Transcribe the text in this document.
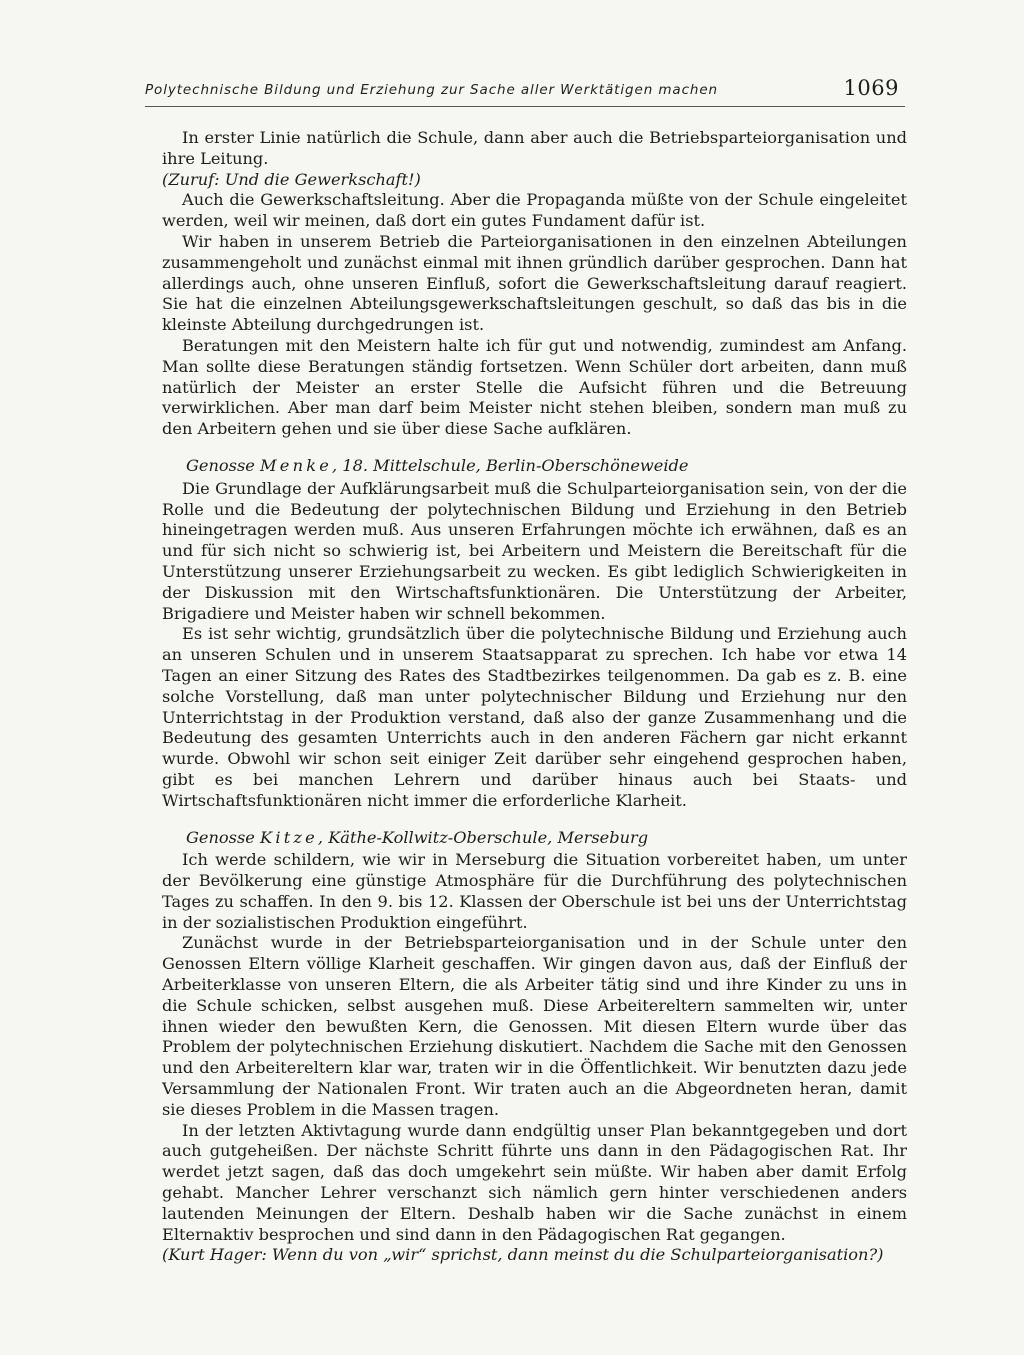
Polytechnische Bildung und Erziehung zur Sache aller Werktätigen machen	1069

In erster Linie natürlich die Schule, dann aber auch die Betriebsparteiorganisation und ihre Leitung.

(Zuruf: Und die Gewerkschaft!)

Auch die Gewerkschaftsleitung. Aber die Propaganda müßte von der Schule eingeleitet werden, weil wir meinen, daß dort ein gutes Fundament dafür ist.

Wir haben in unserem Betrieb die Parteiorganisationen in den einzelnen Abteilungen zusammengeholt und zunächst einmal mit ihnen gründlich darüber gesprochen. Dann hat allerdings auch, ohne unseren Einfluß, sofort die Gewerkschaftsleitung darauf reagiert. Sie hat die einzelnen Abteilungsgewerkschaftsleitungen geschult, so daß das bis in die kleinste Abteilung durchgedrungen ist.

Beratungen mit den Meistern halte ich für gut und notwendig, zumindest am Anfang. Man sollte diese Beratungen ständig fortsetzen. Wenn Schüler dort arbeiten, dann muß natürlich der Meister an erster Stelle die Aufsicht führen und die Betreuung verwirklichen. Aber man darf beim Meister nicht stehen bleiben, sondern man muß zu den Arbeitern gehen und sie über diese Sache aufklären.

Genosse Menke, 18. Mittelschule, Berlin-Oberschöneweide

Die Grundlage der Aufklärungsarbeit muß die Schulparteiorganisation sein, von der die Rolle und die Bedeutung der polytechnischen Bildung und Erziehung in den Betrieb hineingetragen werden muß. Aus unseren Erfahrungen möchte ich erwähnen, daß es an und für sich nicht so schwierig ist, bei Arbeitern und Meistern die Bereitschaft für die Unterstützung unserer Erziehungsarbeit zu wecken. Es gibt lediglich Schwierigkeiten in der Diskussion mit den Wirtschaftsfunktionären. Die Unterstützung der Arbeiter, Brigadiere und Meister haben wir schnell bekommen.

Es ist sehr wichtig, grundsätzlich über die polytechnische Bildung und Erziehung auch an unseren Schulen und in unserem Staatsapparat zu sprechen. Ich habe vor etwa 14 Tagen an einer Sitzung des Rates des Stadtbezirkes teilgenommen. Da gab es z. B. eine solche Vorstellung, daß man unter polytechnischer Bildung und Erziehung nur den Unterrichtstag in der Produktion verstand, daß also der ganze Zusammenhang und die Bedeutung des gesamten Unterrichts auch in den anderen Fächern gar nicht erkannt wurde. Obwohl wir schon seit einiger Zeit darüber sehr eingehend gesprochen haben, gibt es bei manchen Lehrern und darüber hinaus auch bei Staats- und Wirtschaftsfunktionären nicht immer die erforderliche Klarheit.

Genosse Kitze, Käthe-Kollwitz-Oberschule, Merseburg

Ich werde schildern, wie wir in Merseburg die Situation vorbereitet haben, um unter der Bevölkerung eine günstige Atmosphäre für die Durchführung des polytechnischen Tages zu schaffen. In den 9. bis 12. Klassen der Oberschule ist bei uns der Unterrichtstag in der sozialistischen Produktion eingeführt.

Zunächst wurde in der Betriebsparteiorganisation und in der Schule unter den Genossen Eltern völlige Klarheit geschaffen. Wir gingen davon aus, daß der Einfluß der Arbeiterklasse von unseren Eltern, die als Arbeiter tätig sind und ihre Kinder zu uns in die Schule schicken, selbst ausgehen muß. Diese Arbeitereltern sammelten wir, unter ihnen wieder den bewußten Kern, die Genossen. Mit diesen Eltern wurde über das Problem der polytechnischen Erziehung diskutiert. Nachdem die Sache mit den Genossen und den Arbeitereltern klar war, traten wir in die Öffentlichkeit. Wir benutzten dazu jede Versammlung der Nationalen Front. Wir traten auch an die Abgeordneten heran, damit sie dieses Problem in die Massen tragen.

In der letzten Aktivtagung wurde dann endgültig unser Plan bekanntgegeben und dort auch gutgeheißen. Der nächste Schritt führte uns dann in den Pädagogischen Rat. Ihr werdet jetzt sagen, daß das doch umgekehrt sein müßte. Wir haben aber damit Erfolg gehabt. Mancher Lehrer verschanzt sich nämlich gern hinter verschiedenen anders lautenden Meinungen der Eltern. Deshalb haben wir die Sache zunächst in einem Elternaktiv besprochen und sind dann in den Pädagogischen Rat gegangen.

(Kurt Hager: Wenn du von „wir“ sprichst, dann meinst du die Schulparteiorganisation?)
